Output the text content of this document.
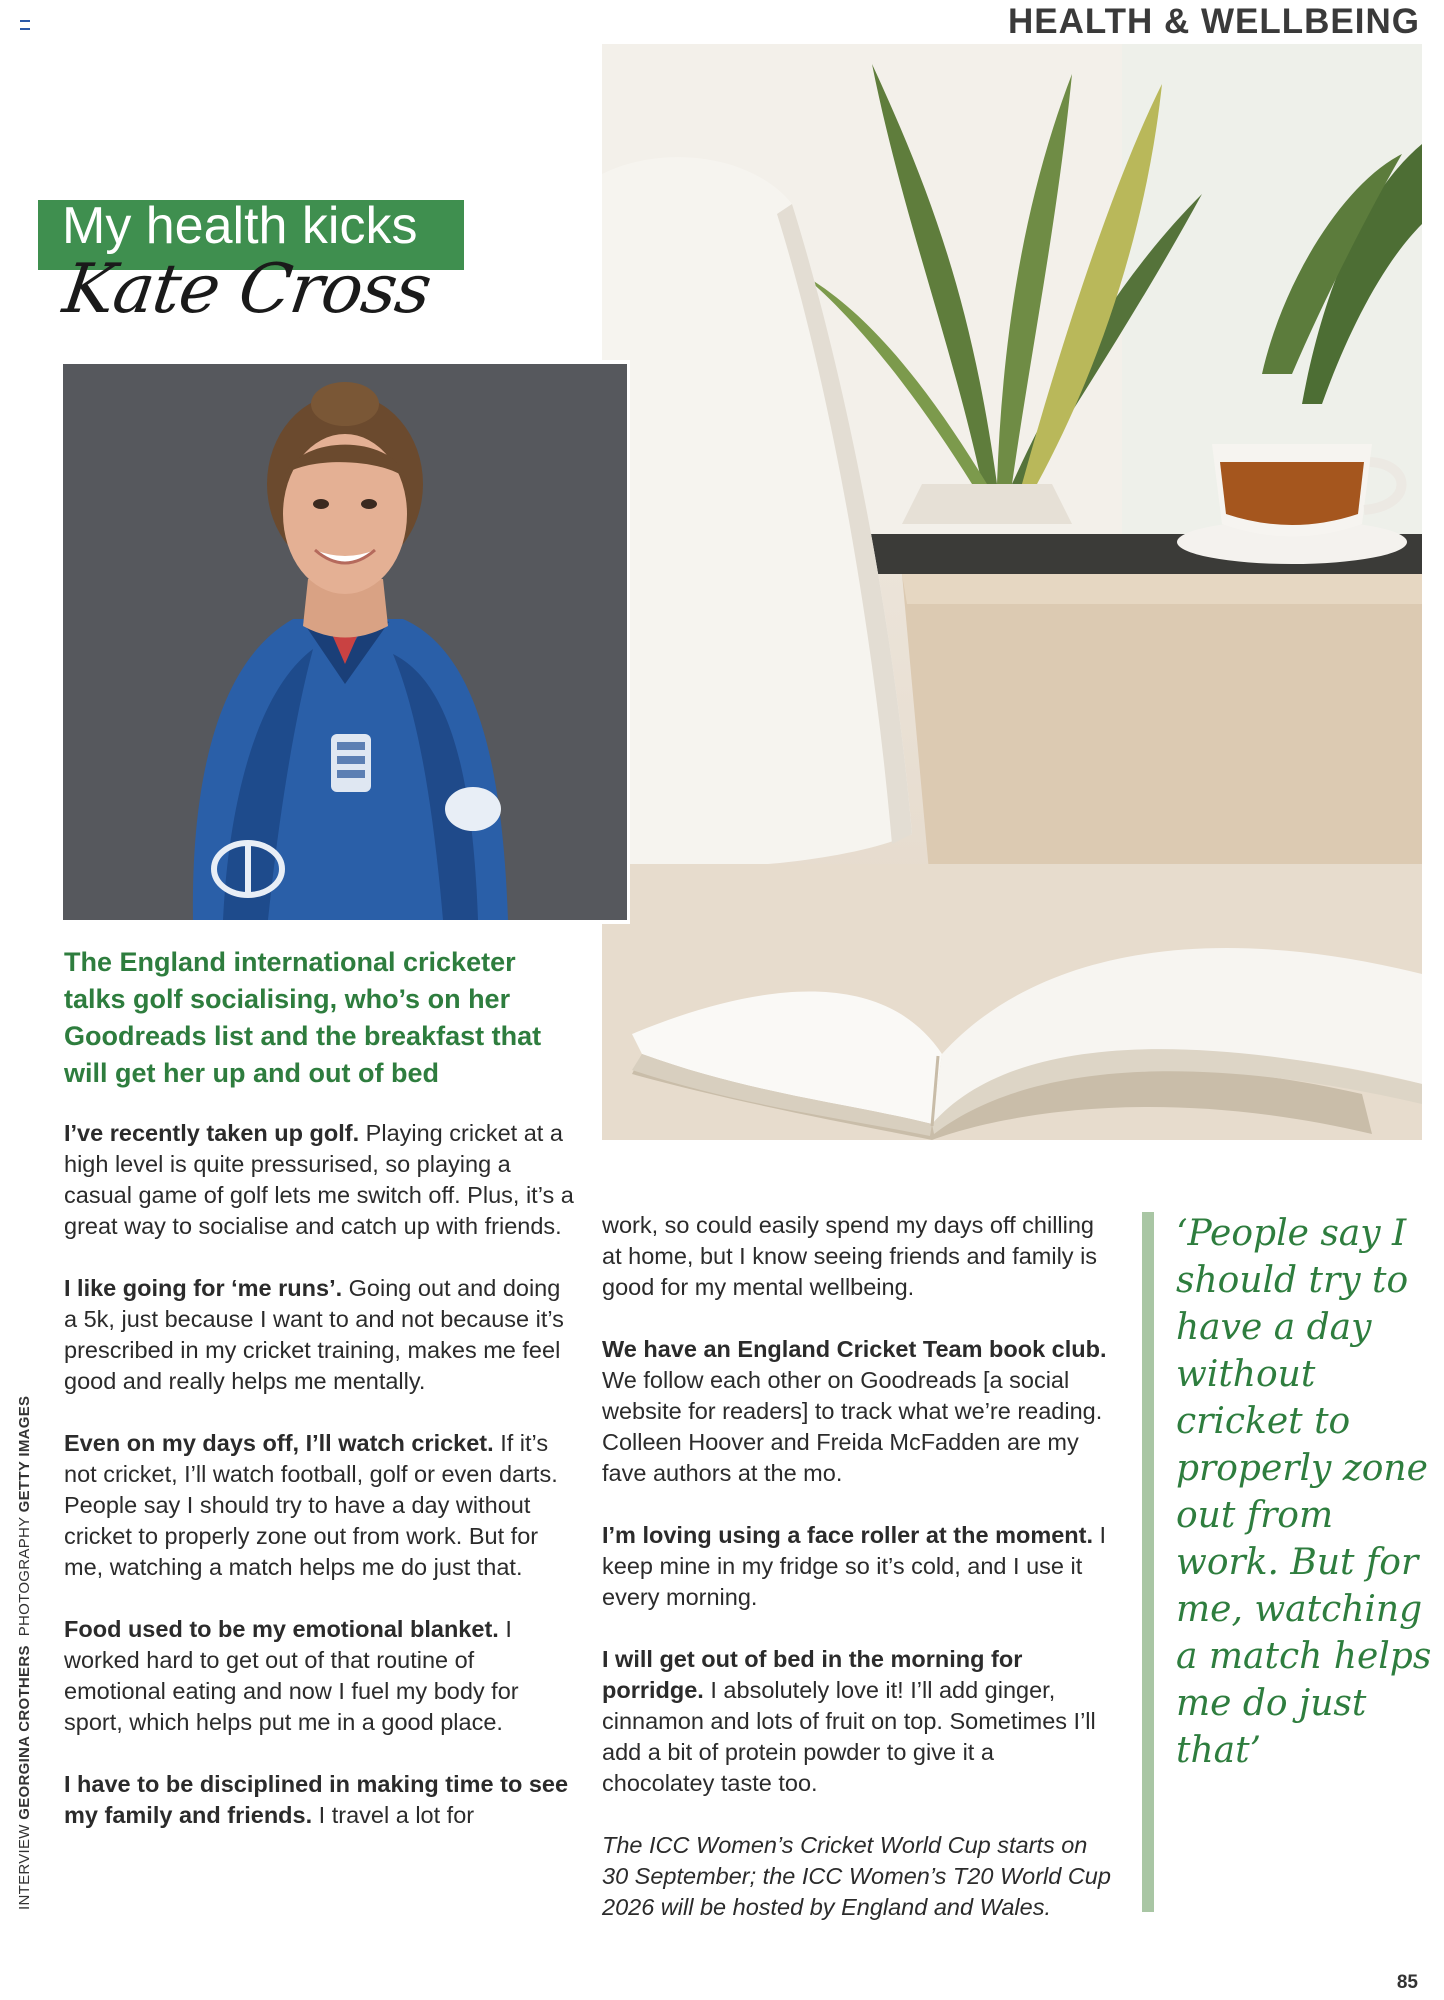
HEALTH & WELLBEING
My health kicks
Kate Cross
The England international cricketer talks golf socialising, who’s on her Goodreads list and the breakfast that will get her up and out of bed

I’ve recently taken up golf. Playing cricket at a high level is quite pressurised, so playing a casual game of golf lets me switch off. Plus, it’s a great way to socialise and catch up with friends.

I like going for ‘me runs’. Going out and doing a 5k, just because I want to and not because it’s prescribed in my cricket training, makes me feel good and really helps me mentally.

Even on my days off, I’ll watch cricket. If it’s not cricket, I’ll watch football, golf or even darts. People say I should try to have a day without cricket to properly zone out from work. But for me, watching a match helps me do just that.

Food used to be my emotional blanket. I worked hard to get out of that routine of emotional eating and now I fuel my body for sport, which helps put me in a good place.

I have to be disciplined in making time to see my family and friends. I travel a lot for

work, so could easily spend my days off chilling at home, but I know seeing friends and family is good for my mental wellbeing.

We have an England Cricket Team book club. We follow each other on Goodreads [a social website for readers] to track what we’re reading. Colleen Hoover and Freida McFadden are my fave authors at the mo.

I’m loving using a face roller at the moment. I keep mine in my fridge so it’s cold, and I use it every morning.

I will get out of bed in the morning for porridge. I absolutely love it! I’ll add ginger, cinnamon and lots of fruit on top. Sometimes I’ll add a bit of protein powder to give it a chocolatey taste too.

The ICC Women’s Cricket World Cup starts on 30 September; the ICC Women’s T20 World Cup 2026 will be hosted by England and Wales.

‘People say I should try to have a day without cricket to properly zone out from work. But for me, watching a match helps me do just that’
INTERVIEW GEORGINA CROTHERS  PHOTOGRAPHY GETTY IMAGES
85
